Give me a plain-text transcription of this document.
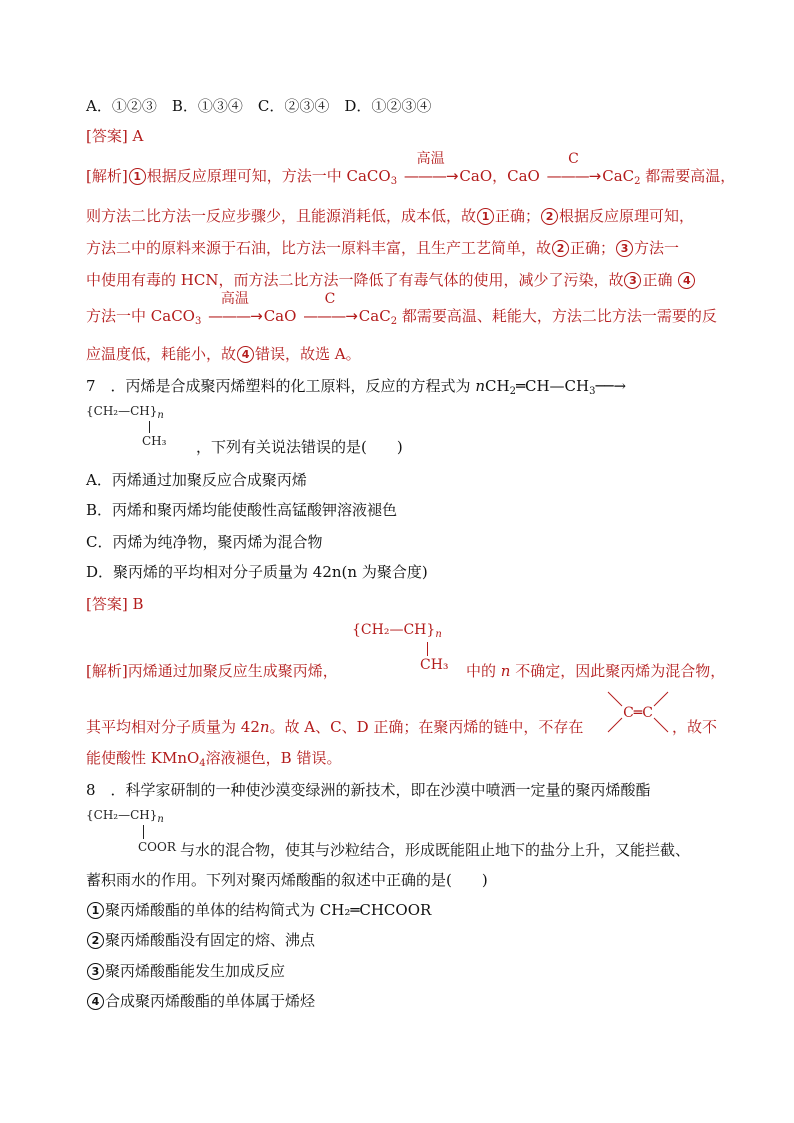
A．①②③　B．①③④　C．②③④　D．①②③④
[答案] A
[解析] 1 根据反应原理可知，方法一中 CaCO$_3$
高温
———→ CaO，CaO
C
———→ CaC$_2$ 都需要高温，
则方法二比方法一反应步骤少，且能源消耗低，成本低，故 1 正确； 2 根据反应原理可知，
方法二中的原料来源于石油，比方法一原料丰富，且生产工艺简单，故 2 正确； 3 方法一
中使用有毒的 HCN，而方法二比方法一降低了有毒气体的使用，减少了污染，故 3 正确 4
方法一中 CaCO$_3$
高温
———→ CaO
C
———→ CaC$_2$ 都需要高温、耗能大，方法二比方法一需要的反
应温度低，耗能小，故 4 错误，故选 A。
7　．丙烯是合成聚丙烯塑料的化工原料，反应的方程式为 $nCH_2═CH—CH_3──\to$
$\{CH_2—CH\}_n$
CH₃ ，下列有关说法错误的是(　　)
A．丙烯通过加聚反应合成聚丙烯
B．丙烯和聚丙烯均能使酸性高锰酸钾溶液褪色
C．丙烯为纯净物，聚丙烯为混合物
D．聚丙烯的平均相对分子质量为 42n(n 为聚合度)
[答案] B
$\{CH_2—CH\}_n$
CH₃
[解析]丙烯通过加聚反应生成聚丙烯，	中的 n 不确定，因此聚丙烯为混合物，
C═C
其平均相对分子质量为 42n。故 A、C、D 正确；在聚丙烯的链中，不存在	，故不
能使酸性 KMnO$_4$溶液褪色，B 错误。
8　．科学家研制的一种使沙漠变绿洲的新技术，即在沙漠中喷洒一定量的聚丙烯酸酯
$\{CH_2—CH\}_n$
COOR 与水的混合物，使其与沙粒结合，形成既能阻止地下的盐分上升，又能拦截、
蓄积雨水的作用。下列对聚丙烯酸酯的叙述中正确的是(　　)
1 聚丙烯酸酯的单体的结构简式为 CH₂═CHCOOR
2 聚丙烯酸酯没有固定的熔、沸点
3 聚丙烯酸酯能发生加成反应
4 合成聚丙烯酸酯的单体属于烯烃
